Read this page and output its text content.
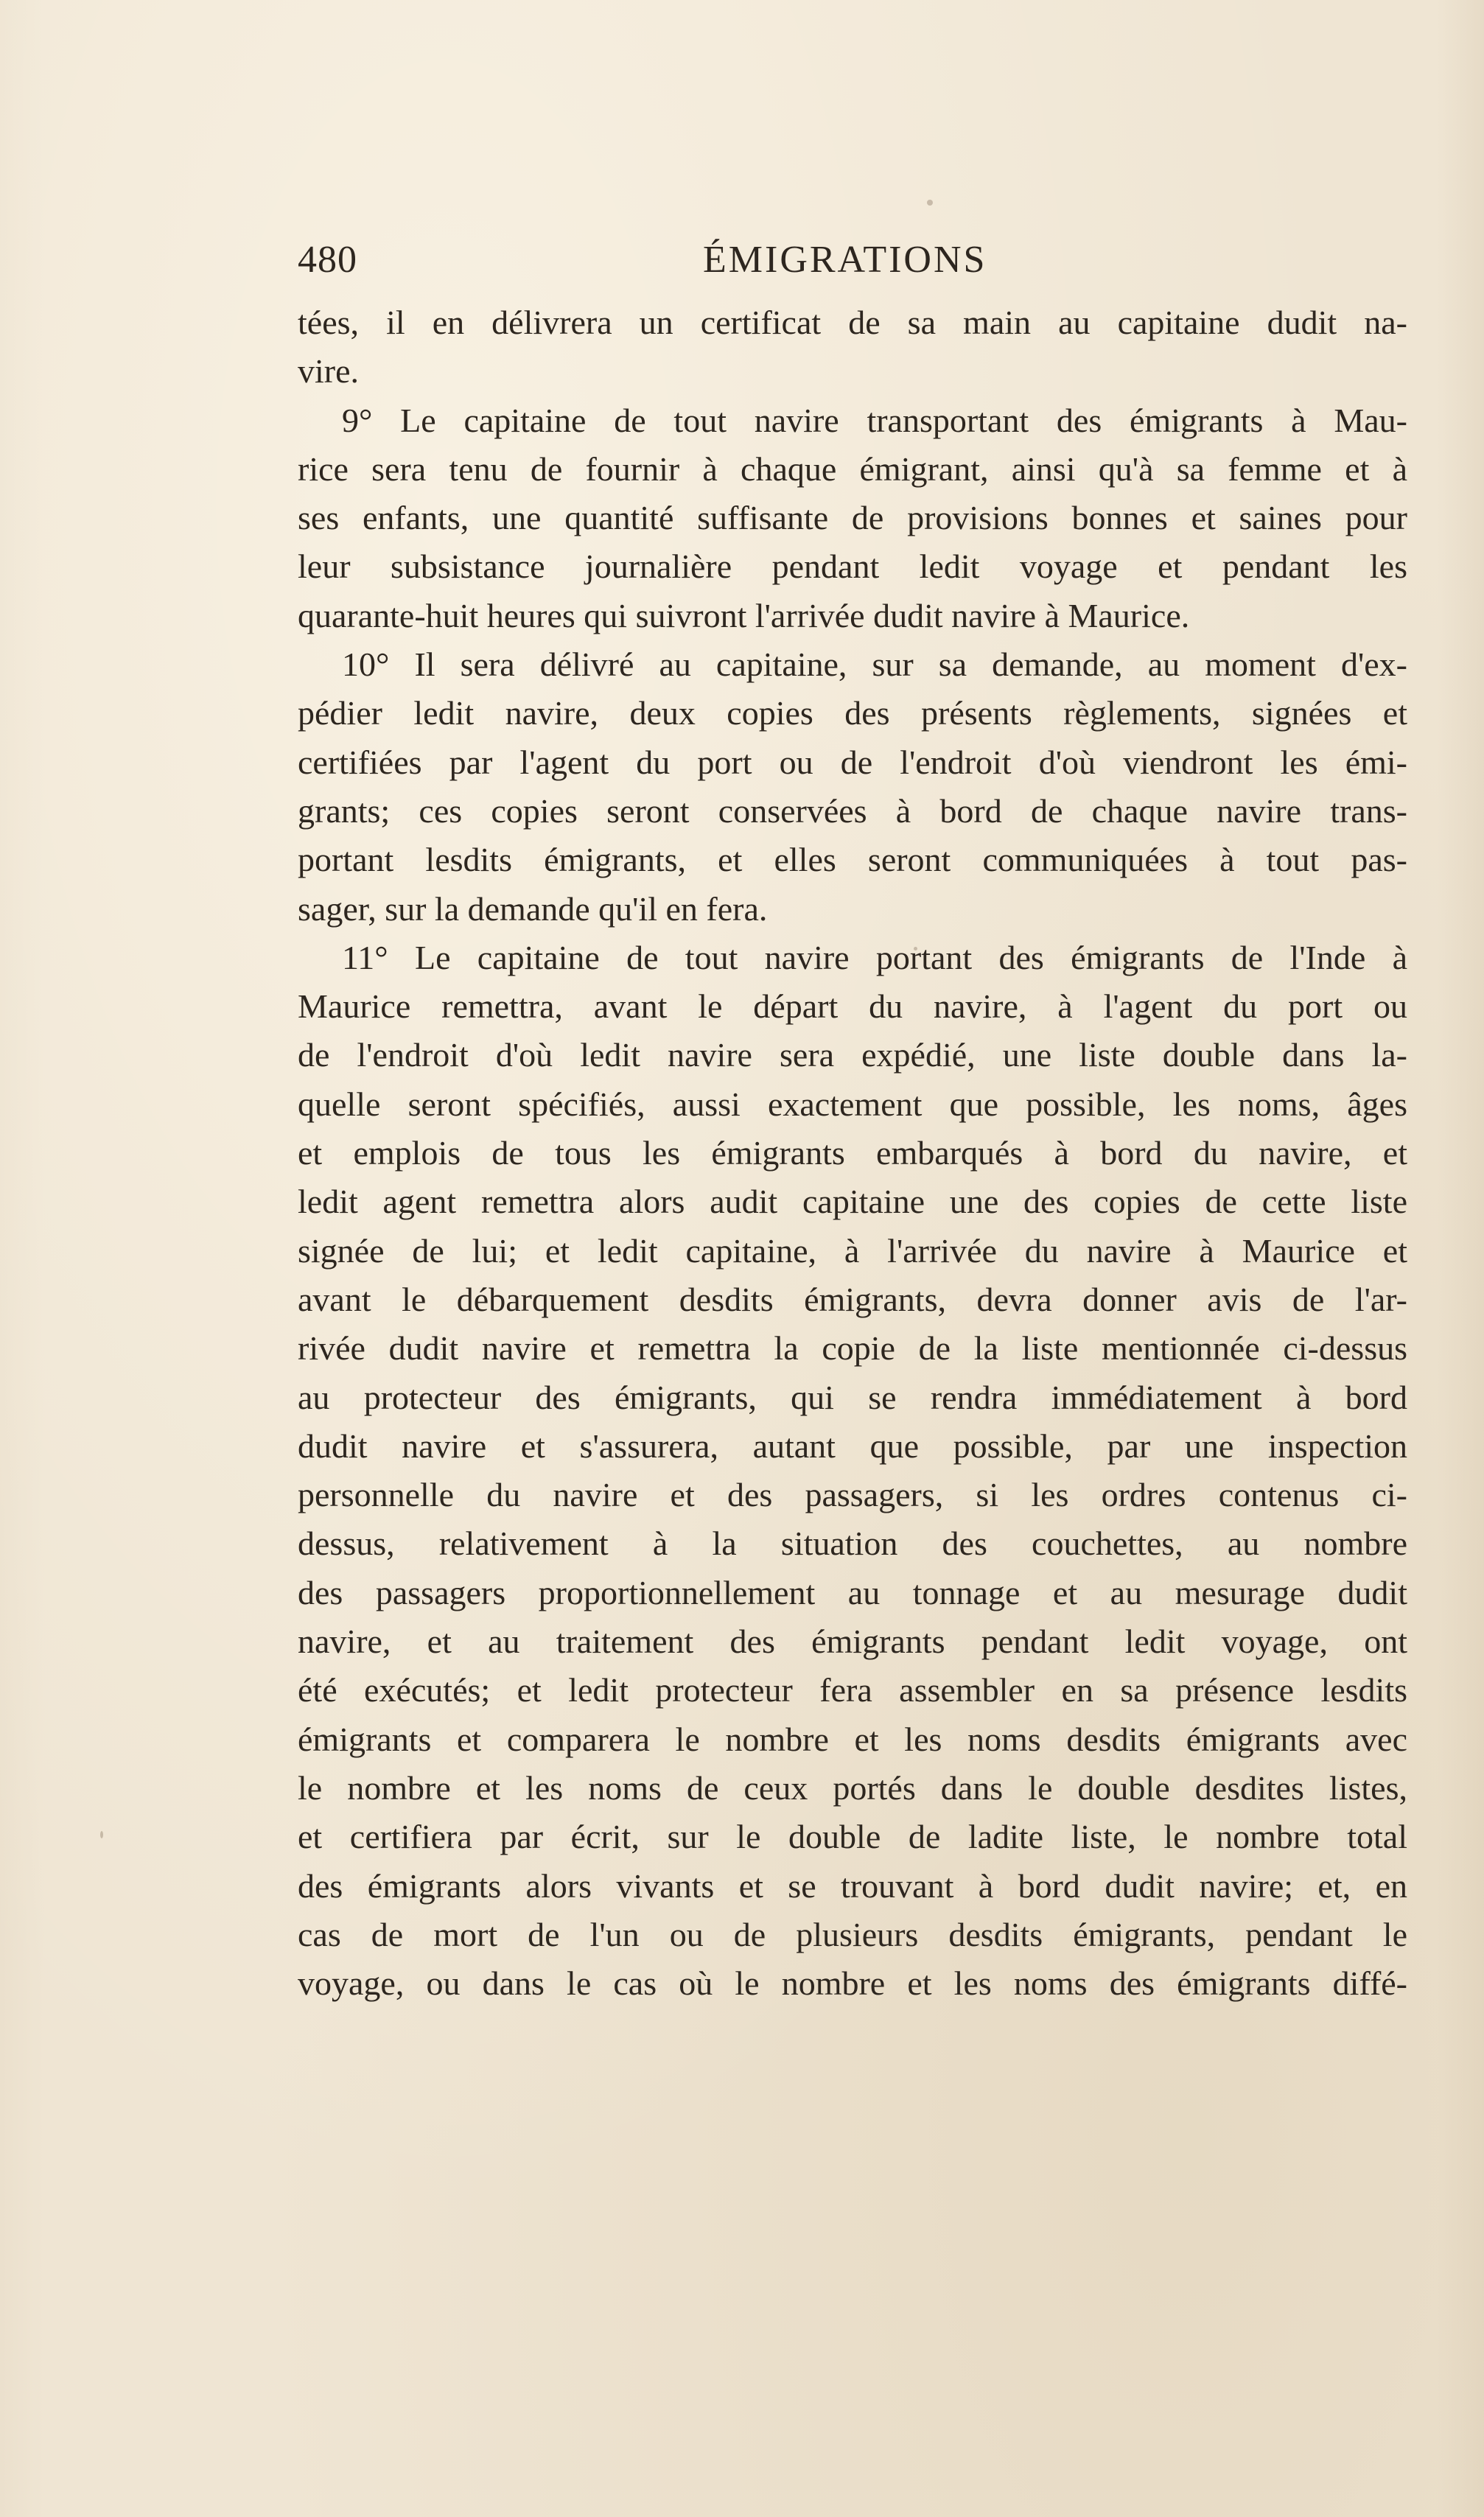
480	ÉMIGRATIONS
tées, il en délivrera un certificat de sa main au capitaine dudit na-
vire.
9° Le capitaine de tout navire transportant des émigrants à Mau-
rice sera tenu de fournir à chaque émigrant, ainsi qu'à sa femme et à
ses enfants, une quantité suffisante de provisions bonnes et saines pour
leur subsistance journalière pendant ledit voyage et pendant les
quarante-huit heures qui suivront l'arrivée dudit navire à Maurice.
10° Il sera délivré au capitaine, sur sa demande, au moment d'ex-
pédier ledit navire, deux copies des présents règlements, signées et
certifiées par l'agent du port ou de l'endroit d'où viendront les émi-
grants; ces copies seront conservées à bord de chaque navire trans-
portant lesdits émigrants, et elles seront communiquées à tout pas-
sager, sur la demande qu'il en fera.
11° Le capitaine de tout navire portant des émigrants de l'Inde à
Maurice remettra, avant le départ du navire, à l'agent du port ou
de l'endroit d'où ledit navire sera expédié, une liste double dans la-
quelle seront spécifiés, aussi exactement que possible, les noms, âges
et emplois de tous les émigrants embarqués à bord du navire, et
ledit agent remettra alors audit capitaine une des copies de cette liste
signée de lui; et ledit capitaine, à l'arrivée du navire à Maurice et
avant le débarquement desdits émigrants, devra donner avis de l'ar-
rivée dudit navire et remettra la copie de la liste mentionnée ci-dessus
au protecteur des émigrants, qui se rendra immédiatement à bord
dudit navire et s'assurera, autant que possible, par une inspection
personnelle du navire et des passagers, si les ordres contenus ci-
dessus, relativement à la situation des couchettes, au nombre
des passagers proportionnellement au tonnage et au mesurage dudit
navire, et au traitement des émigrants pendant ledit voyage, ont
été exécutés; et ledit protecteur fera assembler en sa présence lesdits
émigrants et comparera le nombre et les noms desdits émigrants avec
le nombre et les noms de ceux portés dans le double desdites listes,
et certifiera par écrit, sur le double de ladite liste, le nombre total
des émigrants alors vivants et se trouvant à bord dudit navire; et, en
cas de mort de l'un ou de plusieurs desdits émigrants, pendant le
voyage, ou dans le cas où le nombre et les noms des émigrants diffé-
